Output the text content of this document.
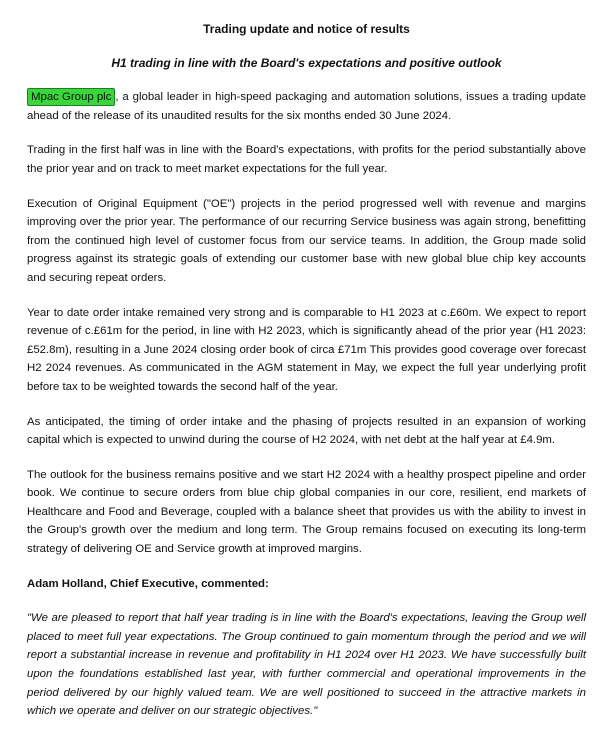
Trading update and notice of results
H1 trading in line with the Board's expectations and positive outlook

Mpac Group plc , a global leader in high-speed packaging and automation solutions, issues a trading update ahead of the release of its unaudited results for the six months ended 30 June 2024.

Trading in the first half was in line with the Board's expectations, with profits for the period substantially above the prior year and on track to meet market expectations for the full year.

Execution of Original Equipment ("OE") projects in the period progressed well with revenue and margins improving over the prior year. The performance of our recurring Service business was again strong, benefitting from the continued high level of customer focus from our service teams. In addition, the Group made solid progress against its strategic goals of extending our customer base with new global blue chip key accounts and securing repeat orders.

Year to date order intake remained very strong and is comparable to H1 2023 at c.£60m. We expect to report revenue of c.£61m for the period, in line with H2 2023, which is significantly ahead of the prior year (H1 2023: £52.8m), resulting in a June 2024 closing order book of circa £71m This provides good coverage over forecast H2 2024 revenues. As communicated in the AGM statement in May, we expect the full year underlying profit before tax to be weighted towards the second half of the year.

As anticipated, the timing of order intake and the phasing of projects resulted in an expansion of working capital which is expected to unwind during the course of H2 2024, with net debt at the half year at £4.9m.

The outlook for the business remains positive and we start H2 2024 with a healthy prospect pipeline and order book. We continue to secure orders from blue chip global companies in our core, resilient, end markets of Healthcare and Food and Beverage, coupled with a balance sheet that provides us with the ability to invest in the Group's growth over the medium and long term. The Group remains focused on executing its long-term strategy of delivering OE and Service growth at improved margins.

Adam Holland, Chief Executive, commented:
"We are pleased to report that half year trading is in line with the Board's expectations, leaving the Group well placed to meet full year expectations. The Group continued to gain momentum through the period and we will report a substantial increase in revenue and profitability in H1 2024 over H1 2023. We have successfully built upon the foundations established last year, with further commercial and operational improvements in the period delivered by our highly valued team. We are well positioned to succeed in the attractive markets in which we operate and deliver on our strategic objectives."
